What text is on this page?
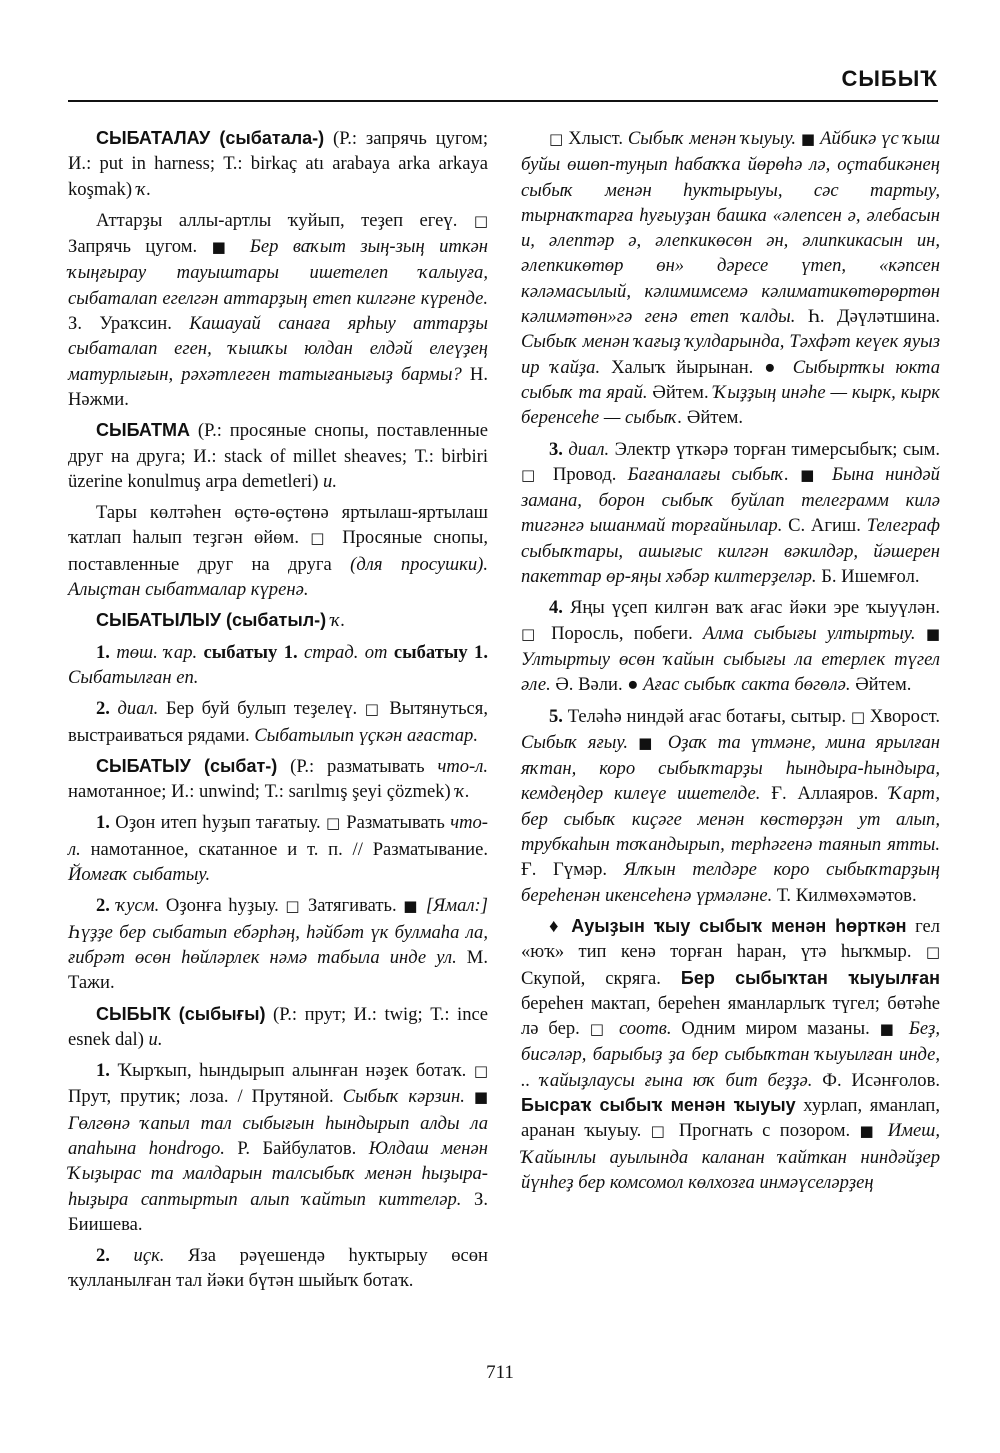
СЫБЫҠ

СЫБАТАЛАУ (сыбатала-) (Р.: запрячь цугом; И.: put in harness; Т.: birkaç atı arabaya arka arkaya koşmak) ҡ.

Аттарҙы аллы-артлы ҡуйып, теҙеп егеү. □ Запрячь цугом. ■ Бер ваҡыт зың-зың иткән ҡыңғырау тауыштары ишетелеп ҡалыуға, сыбаталап егелгән аттарҙың етеп килгәне күренде. З. Ураҡсин. Кашауай санаға ярһыу аттарҙы сыбаталап еген, ҡышҡы юлдан елдәй елеүҙең матурлығын, рәхәтлеген татығанығыҙ бармы? Н. Нәжми.

СЫБАТМА (Р.: просяные снопы, поставленные друг на друга; И.: stack of millet sheaves; Т.: birbiri üzerine konulmuş arpa demetleri) и.

Тары көлтәһен өҫтө-өҫтөнә яртылаш-яртылаш ҡатлап һалып теҙгән өйөм. □ Просяные снопы, поставленные друг на друга (для просушки). Алыҫтан сыбатмалар күренә.

СЫБАТЫЛЫУ (сыбатыл-) ҡ.

1. төш. ҡар. сыбатыу 1. страд. от сыбатыу 1. Сыбатылған еп.

2. диал. Бер буй булып теҙелеү. □ Вытянуться, выстраиваться рядами. Сыбатылып үҫкән ағастар.

СЫБАТЫУ (сыбат-) (Р.: разматывать что-л. намотанное; И.: unwind; Т.: sarılmış şeyi çözmek) ҡ.

1. Оҙон итеп һуҙып тағатыу. □ Разматывать что-л. намотанное, скатанное и т. п. // Разматывание. Йомғаҡ сыбатыу.

2. ҡусм. Оҙонға һуҙыу. □ Затягивать. ■ [Ямал:] Һүҙҙе бер сыбатып ебәрһәң, һәйбәт үк булмаһа ла, ғибрәт өсөн һөйләрлек нәмә табыла инде ул. М. Тажи.

СЫБЫҠ (сыбығы) (Р.: прут; И.: twig; Т.: ince esnek dal) и.

1. Ҡырҡып, һындырып алынған нәҙек ботаҡ. □ Прут, прутик; лоза. / Прутяной. Сыбыҡ кәрзин. ■ Гөлгөнә ҡапыл тал сыбығын һындырып алды ла апаһына һонdrogo. Р. Байбулатов. Юлдаш менән Ҡыҙырас та малдарын талсыбыҡ менән һыҙыра-һыҙыра саптыртып алып ҡайтып киттеләр. З. Биишева.

2. иҫк. Яза рәүешендә һуктырыу өсөн ҡулланылған тал йәки бүтән шыйыҡ ботаҡ.

□ Хлыст. Сыбыҡ менән ҡыуыу. ■ Айбикә үс ҡыш буйы өшөп-туңып һабаҡҡа йөрөһә лә, оҫтабикәнең сыбыҡ менән һуктырыуы, сәс тартыу, тырнаҡтарға һуғыуҙан башка «әлепсен ә, әлебасын и, әлептәр ә, әлепкикөсөн ән, әлипкикасын ин, әлепкикөтөр өн» дәресе үтеп, «кәпсен кәләмасылый, кәлимимсемә кәлиматикөтөрөртөн кәлимәтөн»гә генә етеп ҡалды. Һ. Дәүләтшина. Сыбыҡ менән ҡағыҙ ҡулдарында, Тәхфәт кеүек яуыз ир ҡайҙа. Халыҡ йырынан. ● Сыбыртҡы юкта сыбыҡ та ярай. Әйтем. Ҡыҙҙың инәһе — кырк, кырк беренсеһе — сыбыҡ. Әйтем.

3. диал. Электр үткәрә торған тимерсыбыҡ; сым. □ Провод. Бағаналағы сыбыҡ. ■ Бына ниндәй замана, борон сыбыҡ буйлап телеграмм килә тигәнгә ышанмай торғайнылар. С. Агиш. Телеграф сыбыҡтары, ашығыс килгән вәкилдәр, йәшерен пакеттар өр-яңы хәбәр килтерҙеләр. Б. Ишемғол.

4. Яңы үҫеп килгән ваҡ ағас йәки эре ҡыуүлән. □ Поросль, побеги. Алма сыбығы ултыртыу. ■ Ултыртыу өсөн ҡайын сыбығы ла етерлек түгел әле. Ә. Вәли. ● Ағас сыбыҡ сакта бөгөлә. Әйтем.

5. Теләһә ниндәй ағас ботағы, сытыр. □ Хворост. Сыбыҡ яғыу. ■ Оҙаҡ та үтмәне, мина ярылған яҡтан, коро сыбыҡтарҙы һындыра-һындыра, кемдеңдер килеүе ишетелде. Ғ. Аллаяров. Ҡарт, бер сыбыҡ киҫәге менән көстөрҙән ут алып, трубкаһын тоҡандырып, терһәгенә таянып ятты. Ғ. Гүмәр. Ялҡын телдәре коро сыбыҡтарҙың береһенән икенсеһенә үрмәләне. Т. Килмөхәмәтов.

♦ Ауыҙын ҡыу сыбыҡ менән һөрткән гел «юҡ» тип кенә торған һаран, үтә һыҡмыр. □ Скупой, скряга. Бер сыбыҡтан ҡыуылған береһен мактап, береһен яманларлыҡ түгел; бөтәһе лә бер. □ соотв. Одним миром мазаны. ■ Беҙ, бисәләр, барыбыҙ ҙа бер сыбыҡтан ҡыуылған инде, .. ҡайыҙлаусы ғына юҡ бит беҙҙә. Ф. Исәнғолов. Бысраҡ сыбыҡ менән ҡыуыу хурлап, яманлап, аранан ҡыуыу. □ Прогнать с позором. ■ Имеш, Ҡайынлы ауылында каланан ҡайткан ниндәйҙер йүнһеҙ бер комсомол көлхозға инмәүселәрҙең

711
